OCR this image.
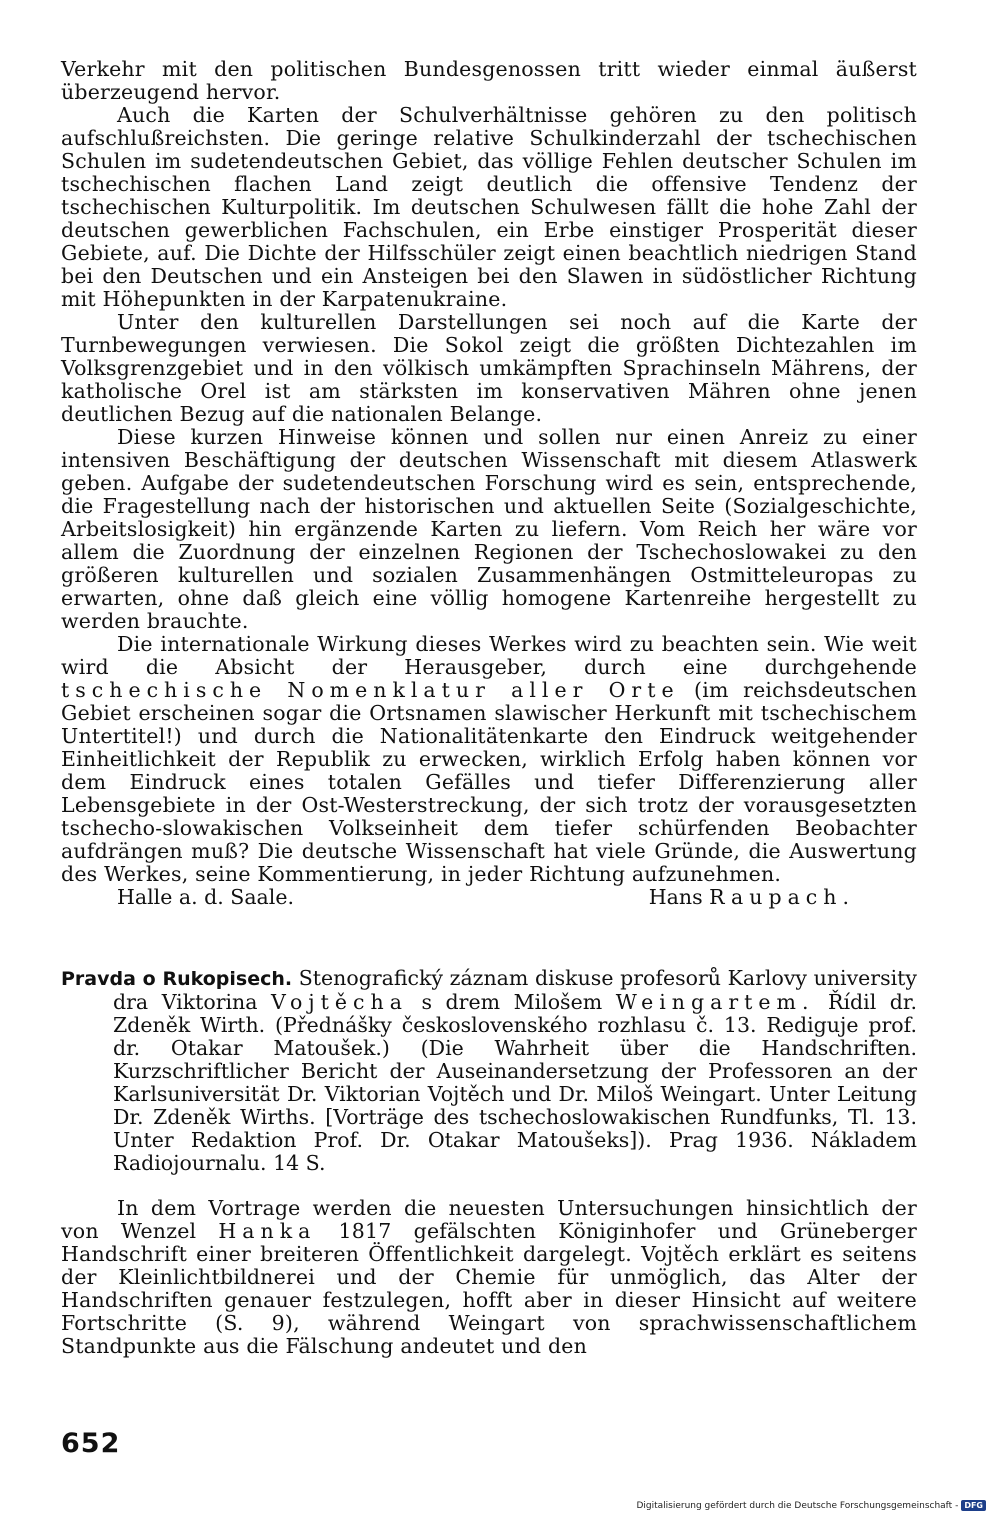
Verkehr mit den politischen Bundesgenossen tritt wieder einmal äußerst überzeugend hervor.

Auch die Karten der Schulverhältnisse gehören zu den politisch aufschlußreichsten. Die geringe relative Schulkinderzahl der tschechischen Schulen im sudetendeutschen Gebiet, das völlige Fehlen deutscher Schulen im tschechischen flachen Land zeigt deutlich die offensive Tendenz der tschechischen Kulturpolitik. Im deutschen Schulwesen fällt die hohe Zahl der deutschen gewerblichen Fachschulen, ein Erbe einstiger Prosperität dieser Gebiete, auf. Die Dichte der Hilfsschüler zeigt einen beachtlich niedrigen Stand bei den Deutschen und ein Ansteigen bei den Slawen in südöstlicher Richtung mit Höhepunkten in der Karpatenukraine.

Unter den kulturellen Darstellungen sei noch auf die Karte der Turnbewegungen verwiesen. Die Sokol zeigt die größten Dichtezahlen im Volksgrenzgebiet und in den völkisch umkämpften Sprachinseln Mährens, der katholische Orel ist am stärksten im konservativen Mähren ohne jenen deutlichen Bezug auf die nationalen Belange.

Diese kurzen Hinweise können und sollen nur einen Anreiz zu einer intensiven Beschäftigung der deutschen Wissenschaft mit diesem Atlaswerk geben. Aufgabe der sudetendeutschen Forschung wird es sein, entsprechende, die Fragestellung nach der historischen und aktuellen Seite (Sozialgeschichte, Arbeitslosigkeit) hin ergänzende Karten zu liefern. Vom Reich her wäre vor allem die Zuordnung der einzelnen Regionen der Tschechoslowakei zu den größeren kulturellen und sozialen Zusammenhängen Ostmitteleuropas zu erwarten, ohne daß gleich eine völlig homogene Kartenreihe hergestellt zu werden brauchte.

Die internationale Wirkung dieses Werkes wird zu beachten sein. Wie weit wird die Absicht der Herausgeber, durch eine durchgehende tschechische Nomenklatur aller Orte (im reichsdeutschen Gebiet erscheinen sogar die Ortsnamen slawischer Herkunft mit tschechischem Untertitel!) und durch die Nationalitätenkarte den Eindruck weitgehender Einheitlichkeit der Republik zu erwecken, wirklich Erfolg haben können vor dem Eindruck eines totalen Gefälles und tiefer Differenzierung aller Lebensgebiete in der Ost-Westerstreckung, der sich trotz der vorausgesetzten tschecho-slowakischen Volkseinheit dem tiefer schürfenden Beobachter aufdrängen muß? Die deutsche Wissenschaft hat viele Gründe, die Auswertung des Werkes, seine Kommentierung, in jeder Richtung aufzunehmen.

Halle a. d. Saale.	Hans Raupach.

Pravda o Rukopisech. Stenografický záznam diskuse profesorů Karlovy university dra Viktorina Vojtěcha s drem Milošem Weingartem. Řídil dr. Zdeněk Wirth. (Přednášky československého rozhlasu č. 13. Rediguje prof. dr. Otakar Matoušek.) (Die Wahrheit über die Handschriften. Kurzschriftlicher Bericht der Auseinandersetzung der Professoren an der Karlsuniversität Dr. Viktorian Vojtěch und Dr. Miloš Weingart. Unter Leitung Dr. Zdeněk Wirths. [Vorträge des tschechoslowakischen Rundfunks, Tl. 13. Unter Redaktion Prof. Dr. Otakar Matoušeks]). Prag 1936. Nákladem Radiojournalu. 14 S.

In dem Vortrage werden die neuesten Untersuchungen hinsichtlich der von Wenzel Hanka 1817 gefälschten Königinhofer und Grüneberger Handschrift einer breiteren Öffentlichkeit dargelegt. Vojtěch erklärt es seitens der Kleinlichtbildnerei und der Chemie für unmöglich, das Alter der Handschriften genauer festzulegen, hofft aber in dieser Hinsicht auf weitere Fortschritte (S. 9), während Weingart von sprachwissenschaftlichem Standpunkte aus die Fälschung andeutet und den

652
Digitalisierung gefördert durch die Deutsche Forschungsgemeinschaft - DFG
